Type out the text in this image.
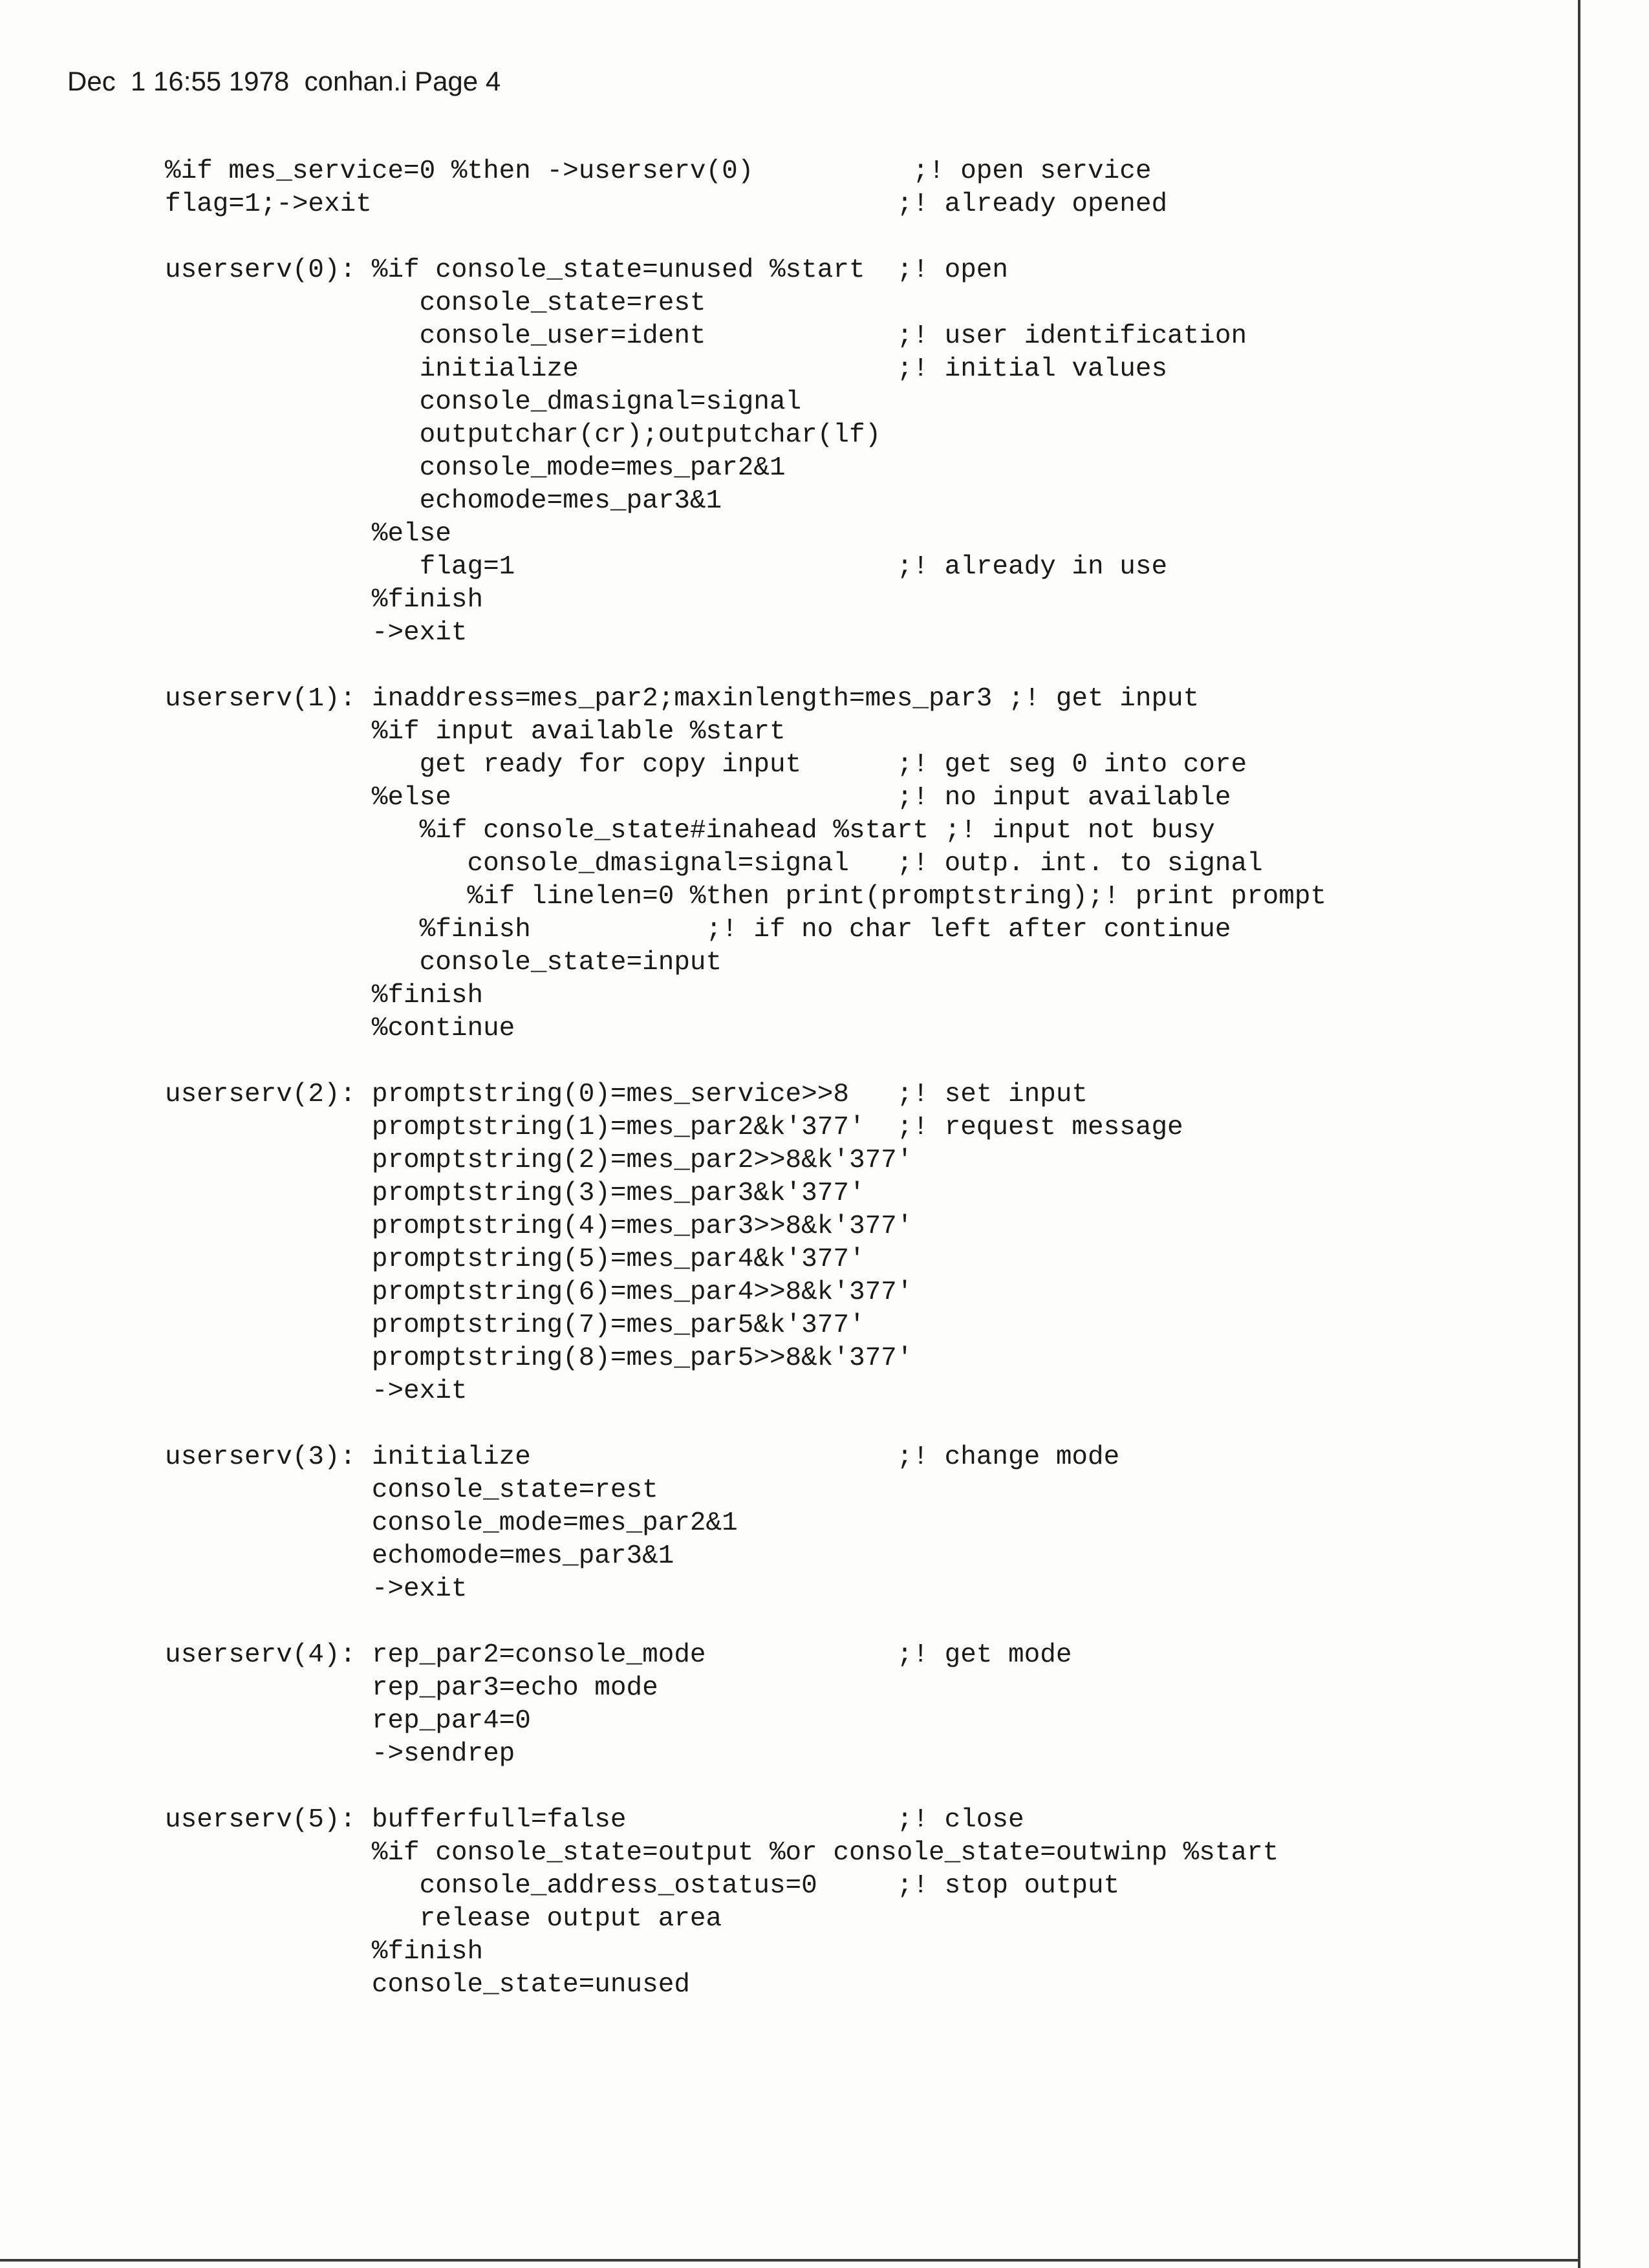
Dec  1 16:55 1978  conhan.i Page 4
%if mes_service=0 %then ->userserv(0)          ;! open service
flag=1;->exit                                 ;! already opened
userserv(0): %if console_state=unused %start  ;! open
console_state=rest
console_user=ident            ;! user identification
initialize                    ;! initial values
console_dmasignal=signal
outputchar(cr);outputchar(lf)
console_mode=mes_par2&1
echomode=mes_par3&1
%else
flag=1                        ;! already in use
%finish
->exit
userserv(1): inaddress=mes_par2;maxinlength=mes_par3 ;! get input
%if input available %start
get ready for copy input      ;! get seg 0 into core
%else                            ;! no input available
%if console_state#inahead %start ;! input not busy
console_dmasignal=signal   ;! outp. int. to signal
%if linelen=0 %then print(promptstring);! print prompt
%finish           ;! if no char left after continue
console_state=input
%finish
%continue
userserv(2): promptstring(0)=mes_service>>8   ;! set input
promptstring(1)=mes_par2&k'377'  ;! request message
promptstring(2)=mes_par2>>8&k'377'
promptstring(3)=mes_par3&k'377'
promptstring(4)=mes_par3>>8&k'377'
promptstring(5)=mes_par4&k'377'
promptstring(6)=mes_par4>>8&k'377'
promptstring(7)=mes_par5&k'377'
promptstring(8)=mes_par5>>8&k'377'
->exit
userserv(3): initialize                       ;! change mode
console_state=rest
console_mode=mes_par2&1
echomode=mes_par3&1
->exit
userserv(4): rep_par2=console_mode            ;! get mode
rep_par3=echo mode
rep_par4=0
->sendrep
userserv(5): bufferfull=false                 ;! close
%if console_state=output %or console_state=outwinp %start
console_address_ostatus=0     ;! stop output
release output area
%finish
console_state=unused
